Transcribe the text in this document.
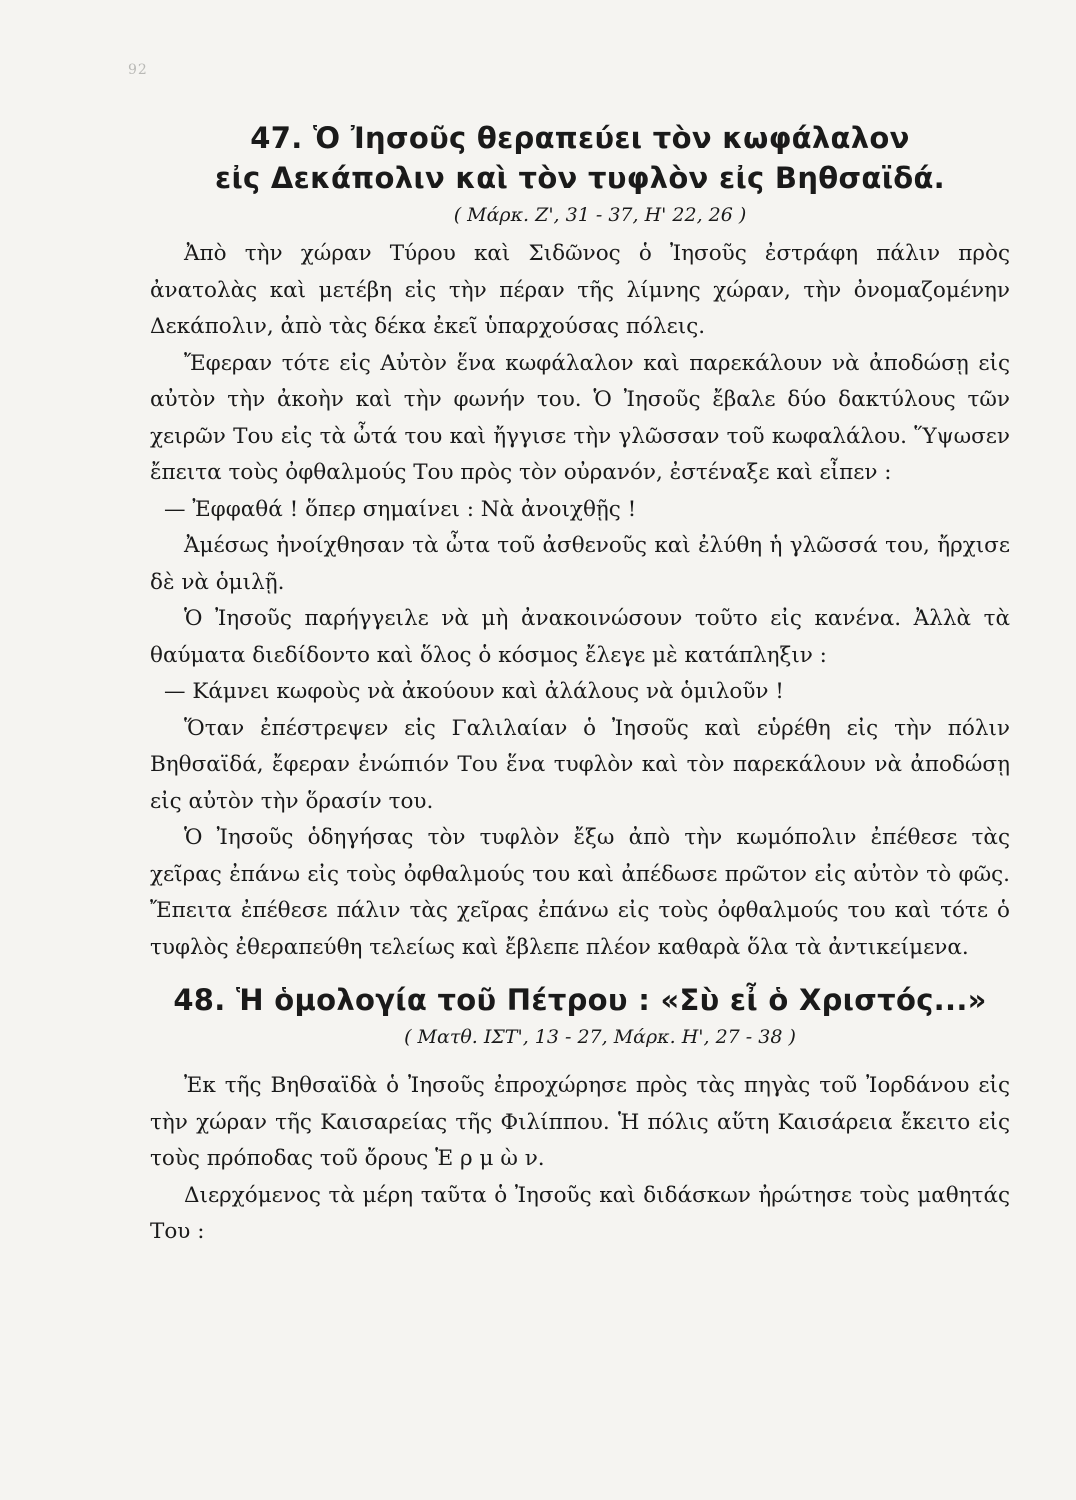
92
47. Ὁ Ἰησοῦς θεραπεύει τὸν κωφάλαλον
εἰς Δεκάπολιν καὶ τὸν τυφλὸν εἰς Βηθσαϊδά.
( Μάρκ. Ζ', 31 - 37, Η' 22, 26 )

Ἀπὸ τὴν χώραν Τύρου καὶ Σιδῶνος ὁ Ἰησοῦς ἐστράφη πάλιν πρὸς ἀνατολὰς καὶ μετέβη εἰς τὴν πέραν τῆς λίμνης χώραν, τὴν ὀνομαζομένην Δεκάπολιν, ἀπὸ τὰς δέκα ἐκεῖ ὑπαρχούσας πόλεις.

Ἔφεραν τότε εἰς Αὐτὸν ἕνα κωφάλαλον καὶ παρεκάλουν νὰ ἀποδώσῃ εἰς αὐτὸν τὴν ἀκοὴν καὶ τὴν φωνήν του. Ὁ Ἰησοῦς ἔβαλε δύο δακτύλους τῶν χειρῶν Του εἰς τὰ ὦτά του καὶ ἤγγισε τὴν γλῶσσαν τοῦ κωφαλάλου. Ὕψωσεν ἔπειτα τοὺς ὀφθαλμούς Του πρὸς τὸν οὐρανόν, ἐστέναξε καὶ εἶπεν :

— Ἐφφαθά ! ὅπερ σημαίνει : Νὰ ἀνοιχθῇς !

Ἀμέσως ἠνοίχθησαν τὰ ὦτα τοῦ ἀσθενοῦς καὶ ἐλύθη ἡ γλῶσσά του, ἤρχισε δὲ νὰ ὁμιλῇ.

Ὁ Ἰησοῦς παρήγγειλε νὰ μὴ ἀνακοινώσουν τοῦτο εἰς κανένα. Ἀλλὰ τὰ θαύματα διεδίδοντο καὶ ὅλος ὁ κόσμος ἔλεγε μὲ κατάπληξιν :

— Κάμνει κωφοὺς νὰ ἀκούουν καὶ ἀλάλους νὰ ὁμιλοῦν !

Ὅταν ἐπέστρεψεν εἰς Γαλιλαίαν ὁ Ἰησοῦς καὶ εὑρέθη εἰς τὴν πόλιν Βηθσαϊδά, ἔφεραν ἐνώπιόν Του ἕνα τυφλὸν καὶ τὸν παρεκάλουν νὰ ἀποδώσῃ εἰς αὐτὸν τὴν ὅρασίν του.

Ὁ Ἰησοῦς ὁδηγήσας τὸν τυφλὸν ἔξω ἀπὸ τὴν κωμόπολιν ἐπέθεσε τὰς χεῖρας ἐπάνω εἰς τοὺς ὀφθαλμούς του καὶ ἀπέδωσε πρῶτον εἰς αὐτὸν τὸ φῶς. Ἔπειτα ἐπέθεσε πάλιν τὰς χεῖρας ἐπάνω εἰς τοὺς ὀφθαλμούς του καὶ τότε ὁ τυφλὸς ἐθεραπεύθη τελείως καὶ ἔβλεπε πλέον καθαρὰ ὅλα τὰ ἀντικείμενα.

48. Ἡ ὁμολογία τοῦ Πέτρου : «Σὺ εἶ ὁ Χριστός...»
( Ματθ. ΙΣΤ', 13 - 27, Μάρκ. Η', 27 - 38 )

Ἐκ τῆς Βηθσαϊδὰ ὁ Ἰησοῦς ἐπροχώρησε πρὸς τὰς πηγὰς τοῦ Ἰορδάνου εἰς τὴν χώραν τῆς Καισαρείας τῆς Φιλίππου. Ἡ πόλις αὕτη Καισάρεια ἔκειτο εἰς τοὺς πρόποδας τοῦ ὄρους Ἑ ρ μ ὼ ν.

Διερχόμενος τὰ μέρη ταῦτα ὁ Ἰησοῦς καὶ διδάσκων ἠρώτησε τοὺς μαθητάς Του :
